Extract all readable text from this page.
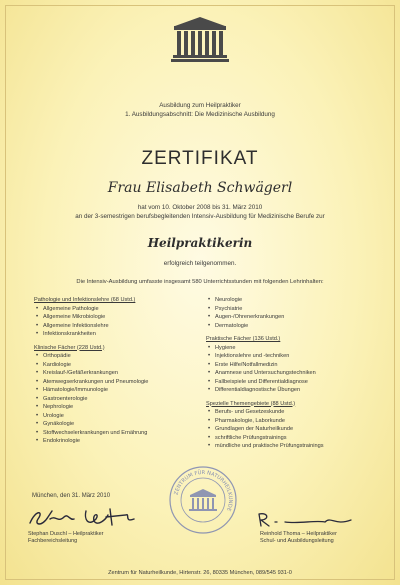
Ausbildung zum Heilpraktiker
1. Ausbildungsabschnitt: Die Medizinische Ausbildung
ZERTIFIKAT
Frau Elisabeth Schwägerl
hat vom 10. Oktober 2008 bis 31. März 2010
an der 3-semestrigen berufsbegleitenden Intensiv-Ausbildung für Medizinische Berufe zur
Heilpraktikerin
erfolgreich teilgenommen.
Die Intensiv-Ausbildung umfasste insgesamt 580 Unterrichtsstunden mit folgenden Lehrinhalten:

Pathologie und Infektionslehre (68 Ustd.)

• Allgemeine Pathologie
• Allgemeine Mikrobiologie
• Allgemeine Infektionslehre
• Infektionskrankheiten

Klinische Fächer (228 Ustd.)

• Orthopädie
• Kardiologie
• Kreislauf-/Gefäßerkrankungen
• Atemwegserkrankungen und Pneumologie
• Hämatologie/Immunologie
• Gastroenterologie
• Nephrologie
• Urologie
• Gynäkologie
• Stoffwechselerkrankungen und Ernährung
• Endokrinologie
• Neurologie
• Psychiatrie
• Augen-/Ohrenerkrankungen
• Dermatologie

Praktische Fächer (136 Ustd.)

• Hygiene
• Injektionslehre und -techniken
• Erste Hilfe/Notfallmedizin
• Anamnese und Untersuchungstechniken
• Fallbeispiele und Differentialdiagnose
• Differentialdiagnostische Übungen

Spezielle Themengebiete (88 Ustd.)

• Berufs- und Gesetzeskunde
• Pharmakologie, Laborkunde
• Grundlagen der Naturheilkunde
• schriftliche Prüfungstrainings
• mündliche und praktische Prüfungstrainings
München, den 31. März 2010
Stephan Duschl – Heilpraktiker
Fachbereichsleitung
ZENTRUM FÜR NATURHEILKUNDE
Reinhold Thoma – Heilpraktiker
Schul- und Ausbildungsleitung
Zentrum für Naturheilkunde, Hirtenstr. 26, 80335 München, 089/545 931-0
